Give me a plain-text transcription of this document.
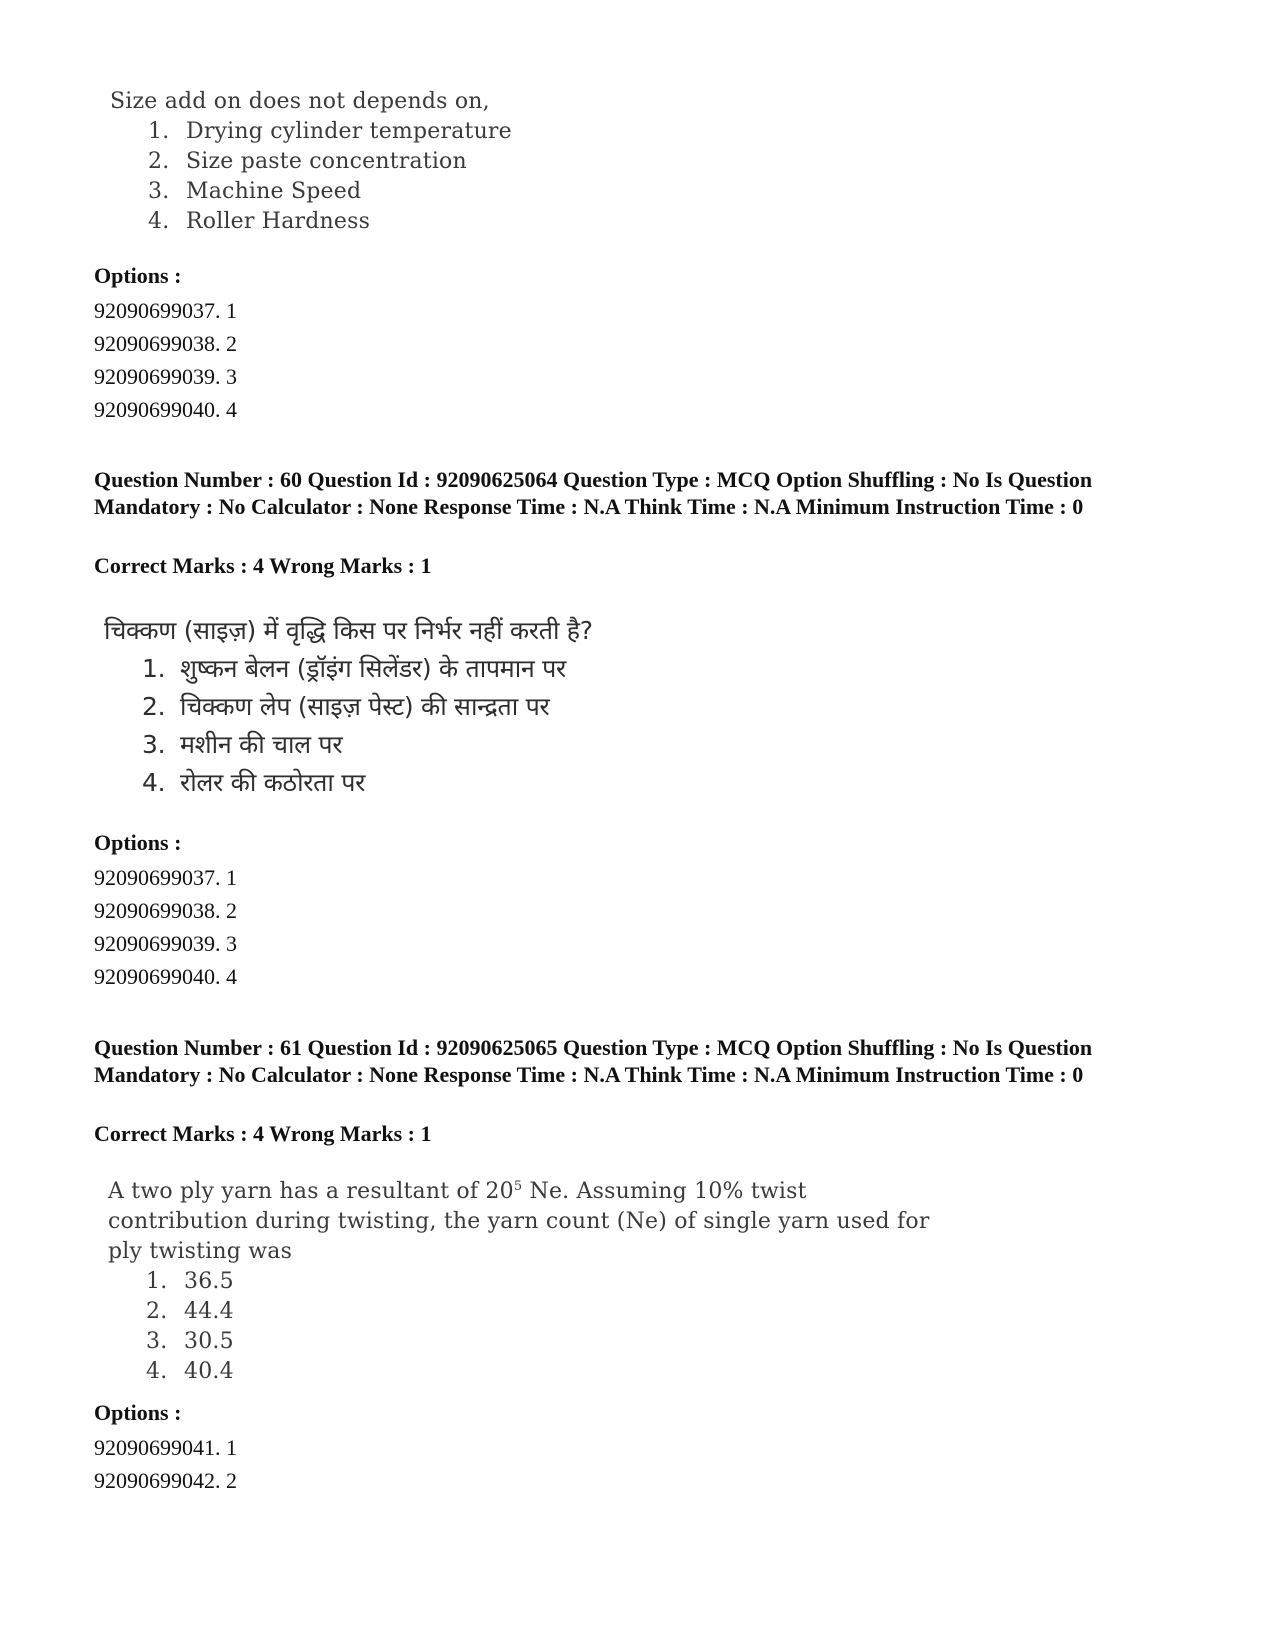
Size add on does not depends on,
1. Drying cylinder temperature
2. Size paste concentration
3. Machine Speed
4. Roller Hardness
Options :
92090699037. 1
92090699038. 2
92090699039. 3
92090699040. 4
Question Number : 60 Question Id : 92090625064 Question Type : MCQ Option Shuffling : No Is Question Mandatory : No Calculator : None Response Time : N.A Think Time : N.A Minimum Instruction Time : 0
Correct Marks : 4 Wrong Marks : 1
चिक्कण (साइज़) में वृद्धि किस पर निर्भर नहीं करती है?
1. शुष्कन बेलन (ड्रॉइंग सिलेंडर) के तापमान पर
2. चिक्कण लेप (साइज़ पेस्ट) की सान्द्रता पर
3. मशीन की चाल पर
4. रोलर की कठोरता पर
Options :
92090699037. 1
92090699038. 2
92090699039. 3
92090699040. 4
Question Number : 61 Question Id : 92090625065 Question Type : MCQ Option Shuffling : No Is Question Mandatory : No Calculator : None Response Time : N.A Think Time : N.A Minimum Instruction Time : 0
Correct Marks : 4 Wrong Marks : 1
A two ply yarn has a resultant of $20^5$ Ne. Assuming 10% twist
contribution during twisting, the yarn count (Ne) of single yarn used for
ply twisting was
1. 36.5
2. 44.4
3. 30.5
4. 40.4
Options :
92090699041. 1
92090699042. 2
